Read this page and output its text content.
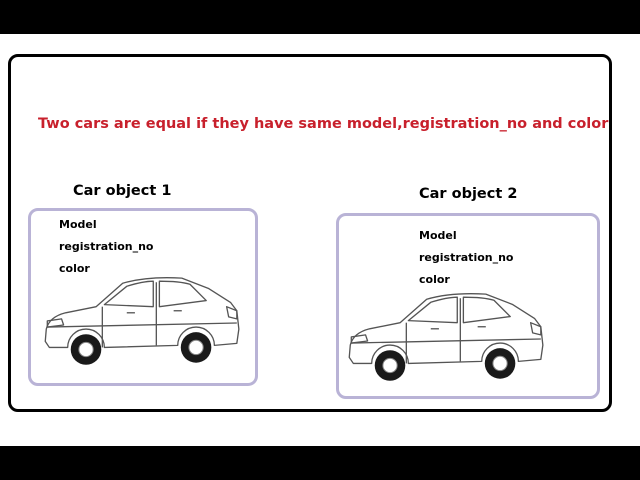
Two cars are equal if they have same model,registration_no and color
Car object 1
Model
registration_no
color
Car object 2
Model
registration_no
color
